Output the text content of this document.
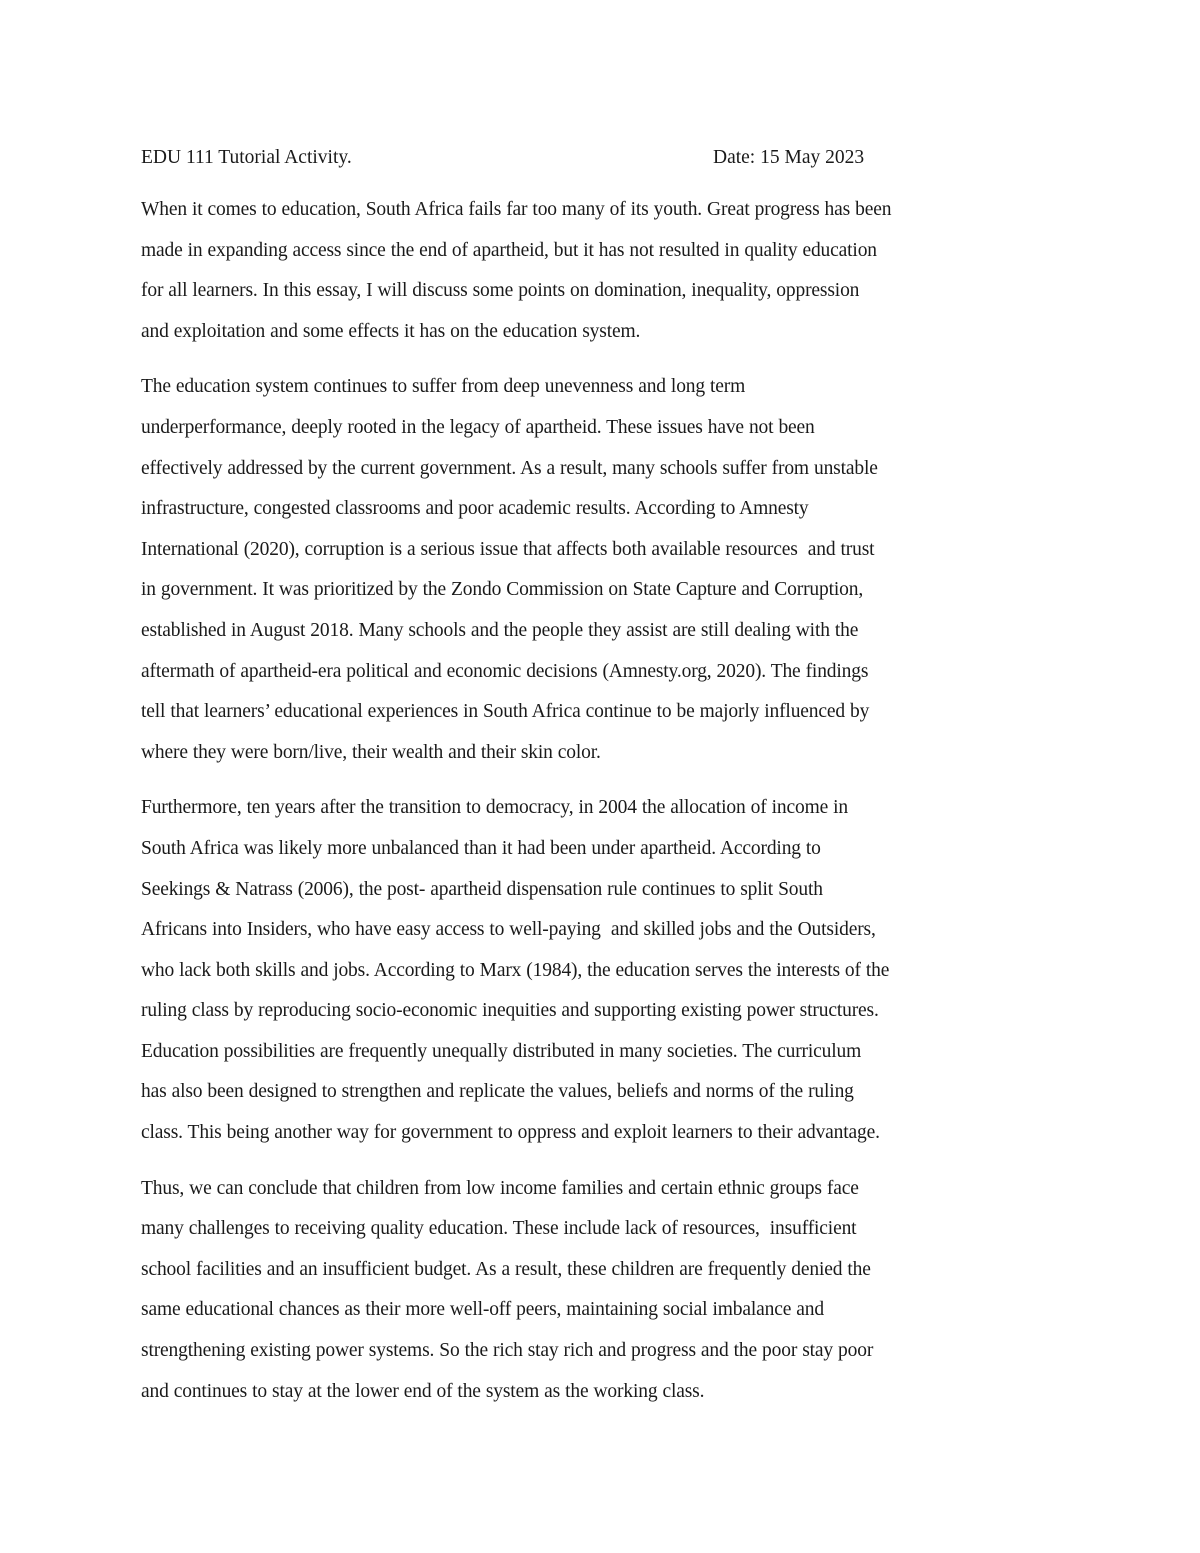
EDU 111 Tutorial Activity.	Date: 15 May 2023

When it comes to education, South Africa fails far too many of its youth. Great progress has been
made in expanding access since the end of apartheid, but it has not resulted in quality education
for all learners. In this essay, I will discuss some points on domination, inequality, oppression
and exploitation and some effects it has on the education system.

The education system continues to suffer from deep unevenness and long term
underperformance, deeply rooted in the legacy of apartheid. These issues have not been
effectively addressed by the current government. As a result, many schools suffer from unstable
infrastructure, congested classrooms and poor academic results. According to Amnesty
International (2020), corruption is a serious issue that affects both available resources  and trust
in government. It was prioritized by the Zondo Commission on State Capture and Corruption,
established in August 2018. Many schools and the people they assist are still dealing with the
aftermath of apartheid-era political and economic decisions (Amnesty.org, 2020). The findings
tell that learners’ educational experiences in South Africa continue to be majorly influenced by
where they were born/live, their wealth and their skin color.

Furthermore, ten years after the transition to democracy, in 2004 the allocation of income in
South Africa was likely more unbalanced than it had been under apartheid. According to
Seekings & Natrass (2006), the post- apartheid dispensation rule continues to split South
Africans into Insiders, who have easy access to well-paying  and skilled jobs and the Outsiders,
who lack both skills and jobs. According to Marx (1984), the education serves the interests of the
ruling class by reproducing socio-economic inequities and supporting existing power structures.
Education possibilities are frequently unequally distributed in many societies. The curriculum
has also been designed to strengthen and replicate the values, beliefs and norms of the ruling
class. This being another way for government to oppress and exploit learners to their advantage.

Thus, we can conclude that children from low income families and certain ethnic groups face
many challenges to receiving quality education. These include lack of resources,  insufficient
school facilities and an insufficient budget. As a result, these children are frequently denied the
same educational chances as their more well-off peers, maintaining social imbalance and
strengthening existing power systems. So the rich stay rich and progress and the poor stay poor
and continues to stay at the lower end of the system as the working class.
